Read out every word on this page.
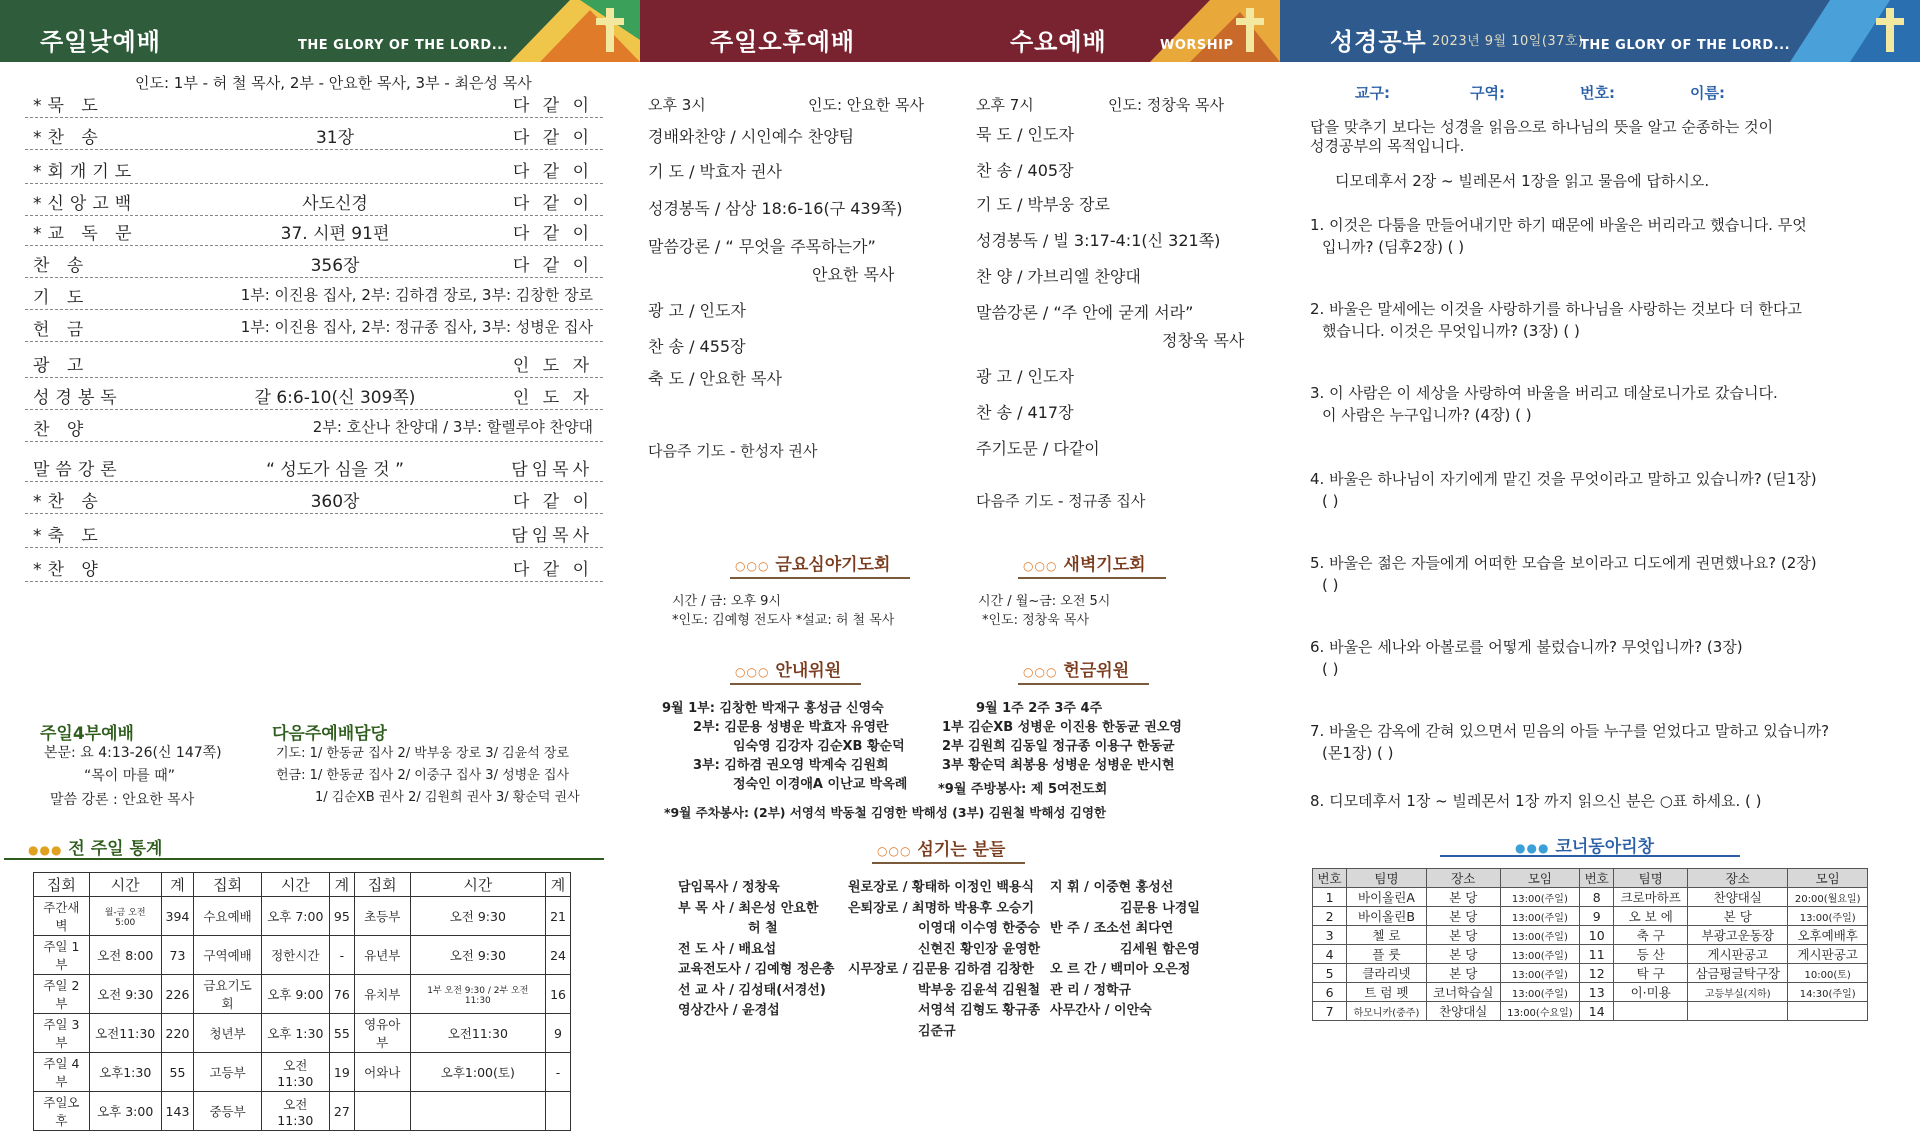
주일낮예배	THE GLORY OF THE LORD...	주일오후예배	수요예배	WORSHIP	성경공부 2023년 9월 10일(37호)
THE GLORY OF THE LORD...
인도: 1부 - 허 철 목사, 2부 - 안요한 목사, 3부 - 최은성 목사
*묵 도	다 같 이
*찬 송	31장	다 같 이
*회개기도	다 같 이
*신앙고백	사도신경	다 같 이
*교 독 문	37. 시편 91편	다 같 이
찬 송	356장	다 같 이
기 도	1부: 이진용 집사, 2부: 김하겸 장로, 3부: 김창한 장로
헌 금	1부: 이진용 집사, 2부: 정규종 집사, 3부: 성병운 집사
광 고	인 도 자
성경봉독	갈 6:6-10(신 309쪽)	인 도 자
찬 양	2부: 호산나 찬양대 / 3부: 할렐루야 찬양대
말씀강론	“ 성도가 심을 것 ”	담임목사
*찬 송	360장	다 같 이
*축 도	담임목사
*찬 양	다 같 이
주일4부예배
본문: 요 4:13-26(신 147쪽)
“목이 마를 때”
말씀 강론 : 안요한 목사
다음주예배담당
기도: 1/ 한동균 집사 2/ 박부웅 장로 3/ 김윤석 장로
헌금: 1/ 한동균 집사 2/ 이중구 집사 3/ 성병운 집사
1/ 김순XB 권사 2/ 김원희 권사 3/ 황순덕 권사
●●● 전 주일 통계
집회	시간	계	집회	시간	계	집회	시간	계
주간새벽	월-금 오전 5:00	394	수요예배	오후 7:00	95	초등부	오전 9:30	21
주일 1부	오전 8:00	73	구역예배	정한시간	-	유년부	오전 9:30	24
주일 2부	오전 9:30	226	금요기도회	오후 9:00	76	유치부	1부 오전 9:30 / 2부 오전 11:30	16
주일 3부	오전11:30	220	청년부	오후 1:30	55	영유아부	오전11:30	9
주일 4부	오후1:30	55	고등부	오전11:30	19	어와나	오후1:00(토)	-
주일오후	오후 3:00	143	중등부	오전11:30	27			
오후 3시	인도: 안요한 목사
경배와찬양 / 시인예수 찬양팀
기 도 / 박효자 권사
성경봉독 / 삼상 18:6-16(구 439쪽)
말씀강론 / “ 무엇을 주목하는가”
안요한 목사
광 고 / 인도자
찬 송 / 455장
축 도 / 안요한 목사
다음주 기도 - 한성자 권사
오후 7시	인도: 정창욱 목사
묵 도 / 인도자
찬 송 / 405장
기 도 / 박부웅 장로
성경봉독 / 빌 3:17-4:1(신 321쪽)
찬 양 / 가브리엘 찬양대
말씀강론 / “주 안에 굳게 서라”
정창욱 목사
광 고 / 인도자
찬 송 / 417장
주기도문 / 다같이
다음주 기도 - 정규종 집사
○○○ 금요심야기도회
시간 / 금: 오후 9시
*인도: 김예형 전도사 *설교: 허 철 목사
○○○ 새벽기도회
시간 / 월~금: 오전 5시
*인도: 정창욱 목사
○○○ 안내위원
9월 1부: 김창한 박재구 홍성금 신영숙
2부: 김문용 성병운 박효자 유영란
임숙영 김강자 김순XB 황순덕
3부: 김하겸 권오영 박계숙 김원희
정숙인 이경애A 이난교 박옥례
○○○ 헌금위원
9월 1주 2주 3주 4주
1부 김순XB 성병운 이진용 한동균 권오영
2부 김원희 김동일 정규종 이용구 한동균
3부 황순덕 최봉용 성병운 성병운 반시현
*9월 주방봉사: 제 5여전도회
*9월 주차봉사: (2부) 서영석 박동철 김영한 박해성 (3부) 김원철 박해성 김영한
○○○ 섬기는 분들
담임목사 / 정창욱
부 목 사 / 최은성 안요한
허 철
전 도 사 / 배요섭
교육전도사 / 김예형 정은총
선 교 사 / 김성태(서경선)
영상간사 / 윤경섭
원로장로 / 황태하 이정인 백용식
은퇴장로 / 최명하 박용후 오승기
이영대 이수영 한중승
신현진 황인장 윤영한
시무장로 / 김문용 김하겸 김창한
박부웅 김윤석 김원철
서영석 김형도 황규종
김준규
지 휘 / 이중현 홍성선
김문용 나경일
반 주 / 조소선 최다연
김세원 함은영
오 르 간 / 백미아 오은정
관 리 / 정학규
사무간사 / 이안숙
교구:	구역:	번호:	이름:
답을 맞추기 보다는 성경을 읽음으로 하나님의 뜻을 알고 순종하는 것이
성경공부의 목적입니다.
디모데후서 2장 ~ 빌레몬서 1장을 읽고 물음에 답하시오.
1. 이것은 다툼을 만들어내기만 하기 때문에 바울은 버리라고 했습니다. 무엇
입니까? (딤후2장) ( )
2. 바울은 말세에는 이것을 사랑하기를 하나님을 사랑하는 것보다 더 한다고
했습니다. 이것은 무엇입니까? (3장) ( )
3. 이 사람은 이 세상을 사랑하여 바울을 버리고 데살로니가로 갔습니다.
이 사람은 누구입니까? (4장) ( )
4. 바울은 하나님이 자기에게 맡긴 것을 무엇이라고 말하고 있습니까? (딛1장)
( )
5. 바울은 젊은 자들에게 어떠한 모습을 보이라고 디도에게 권면했나요? (2장)
( )
6. 바울은 세나와 아볼로를 어떻게 불렀습니까? 무엇입니까? (3장)
( )
7. 바울은 감옥에 갇혀 있으면서 믿음의 아들 누구를 얻었다고 말하고 있습니까?
(몬1장) ( )
8. 디모데후서 1장 ~ 빌레몬서 1장 까지 읽으신 분은 ○표 하세요. ( )
●●● 코너동아리창
번호	팀명	장소	모임	번호	팀명	장소	모임
1	바이올린A	본 당	13:00(주일)	8	크로마하프	찬양대실	20:00(월요일)
2	바이올린B	본 당	13:00(주일)	9	오 보 에	본 당	13:00(주일)
3	첼 로	본 당	13:00(주일)	10	축 구	부광고운동장	오후예배후
4	플 룻	본 당	13:00(주일)	11	등 산	게시판공고	게시판공고
5	클라리넷	본 당	13:00(주일)	12	탁 구	삼금평글탁구장	10:00(토)
6	트 럼 펫	코너학습실	13:00(주일)	13	이·미용	고등부실(지하)	14:30(주일)
7	하모니카(중주)	찬양대실	13:00(수요일)	14			
